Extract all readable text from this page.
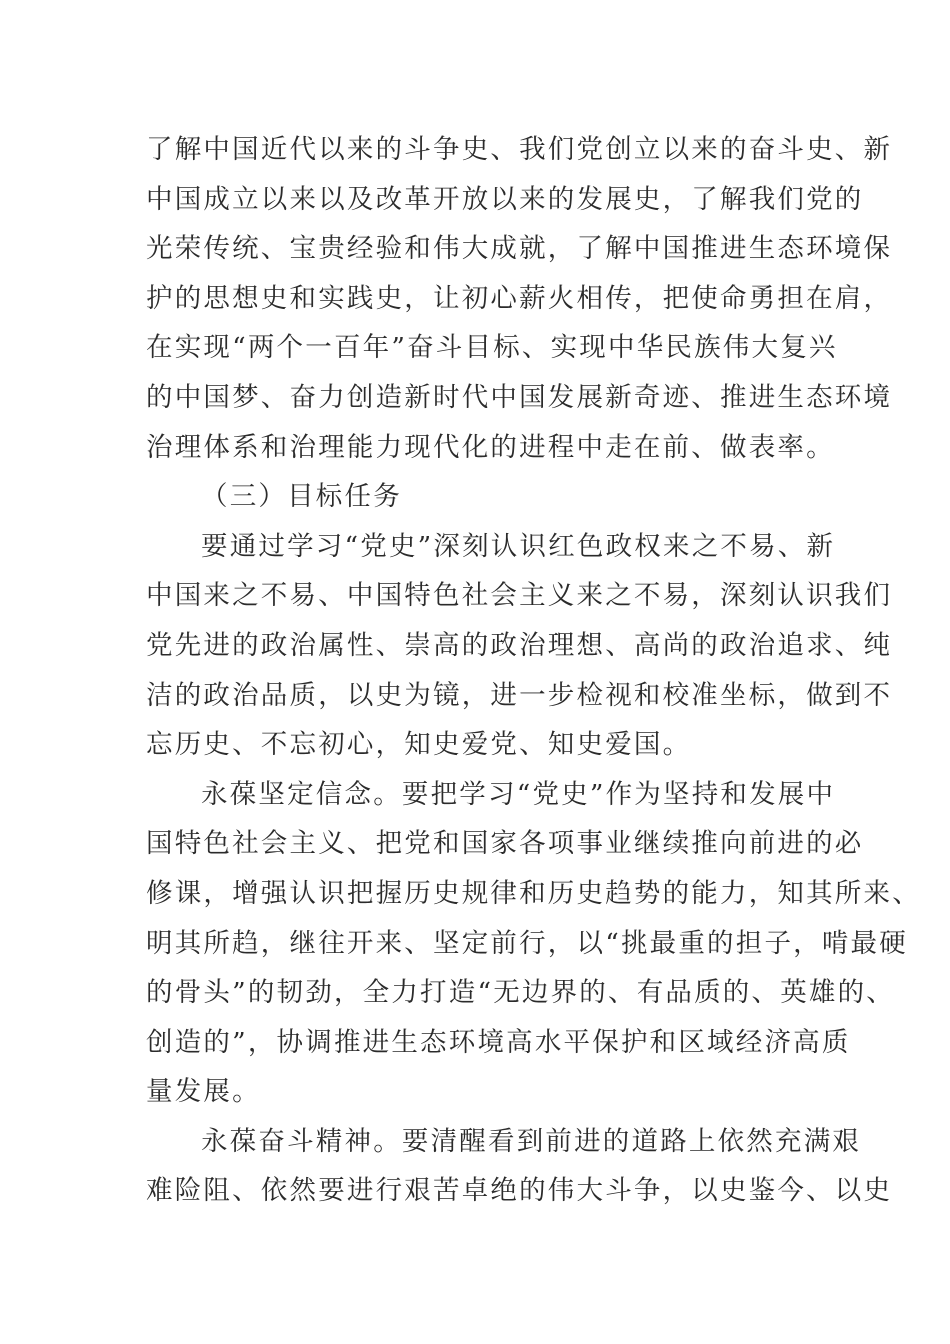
了解中国近代以来的斗争史、我们党创立以来的奋斗史、新
中国成立以来以及改革开放以来的发展史，了解我们党的
光荣传统、宝贵经验和伟大成就，了解中国推进生态环境保
护的思想史和实践史，让初心薪火相传，把使命勇担在肩，
在实现“两个一百年”奋斗目标、实现中华民族伟大复兴
的中国梦、奋力创造新时代中国发展新奇迹、推进生态环境
治理体系和治理能力现代化的进程中走在前、做表率。
（三）目标任务
要通过学习“党史”深刻认识红色政权来之不易、新
中国来之不易、中国特色社会主义来之不易，深刻认识我们
党先进的政治属性、崇高的政治理想、高尚的政治追求、纯
洁的政治品质，以史为镜，进一步检视和校准坐标，做到不
忘历史、不忘初心，知史爱党、知史爱国。
永葆坚定信念。要把学习“党史”作为坚持和发展中
国特色社会主义、把党和国家各项事业继续推向前进的必
修课，增强认识把握历史规律和历史趋势的能力，知其所来、
明其所趋，继往开来、坚定前行，以“挑最重的担子，啃最硬
的骨头”的韧劲，全力打造“无边界的、有品质的、英雄的、
创造的”，协调推进生态环境高水平保护和区域经济高质
量发展。
永葆奋斗精神。要清醒看到前进的道路上依然充满艰
难险阻、依然要进行艰苦卓绝的伟大斗争，以史鉴今、以史
